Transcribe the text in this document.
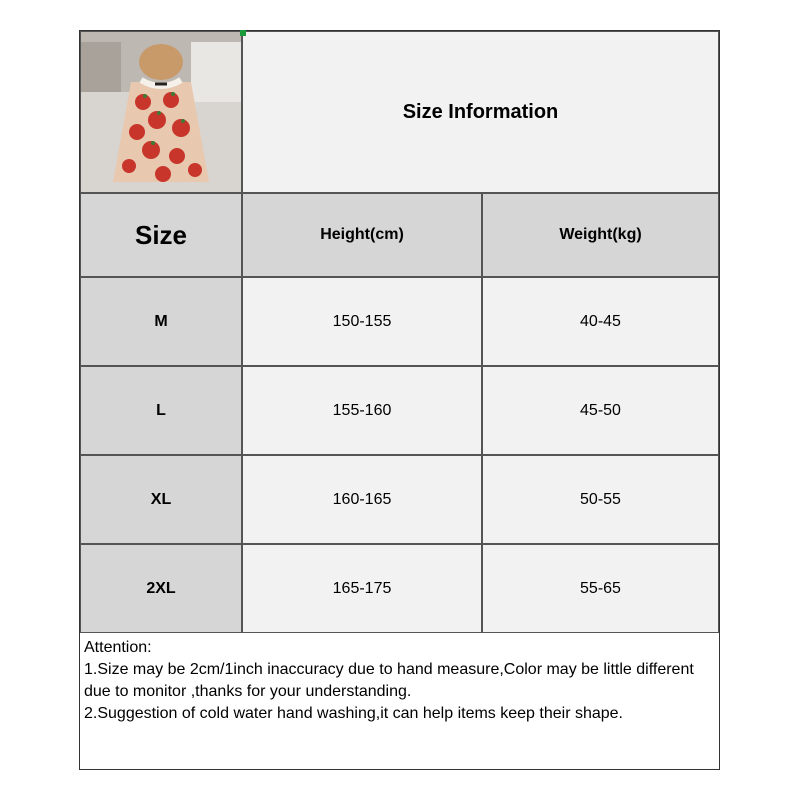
Size Information
Size	Height(cm)	Weight(kg)
M	150-155	40-45
L	155-160	45-50
XL	160-165	50-55
2XL	165-175	55-65

Attention:

1.Size may be 2cm/1inch inaccuracy due to hand measure,Color may be little different due to monitor ,thanks for your understanding.

2.Suggestion of cold water hand washing,it can help items keep their shape.
